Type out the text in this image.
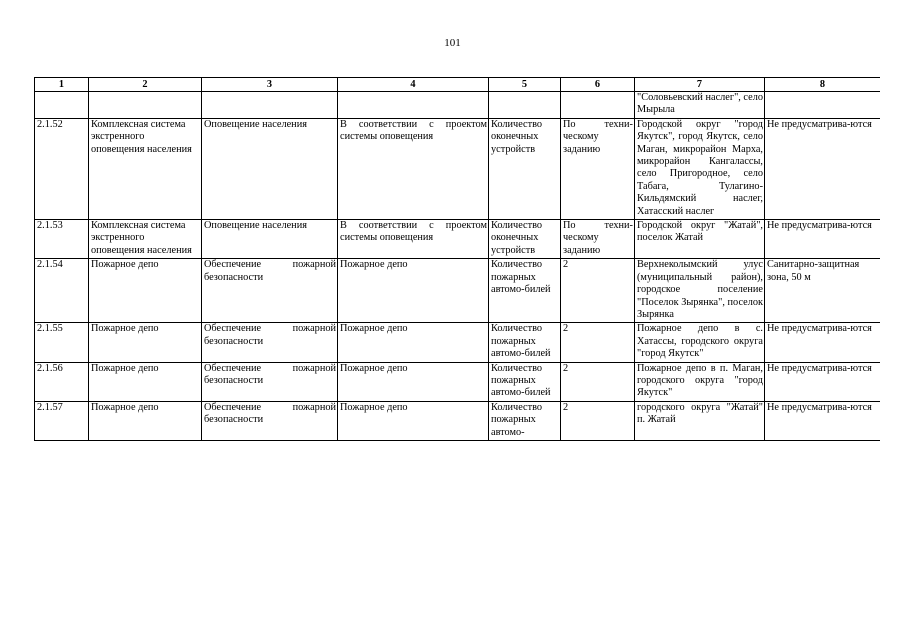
101
1	2	3	4	5	6	7	8
						"Соловьевский наслег", село Мырыла	
2.1.52	Комплексная система экстренного оповещения населения	Оповещение населения	В соответствии с проектом системы оповещения	Количество оконечных устройств	По техни-ческому заданию	Городской округ "город Якутск", город Якутск, село Маган, микрорайон Марха, микрорайон Кангалассы, село Пригородное, село Табага, Тулагино-Кильдямский наслег, Хатасский наслег	Не предусматрива-ются
2.1.53	Комплексная система экстренного оповещения населения	Оповещение населения	В соответствии с проектом системы оповещения	Количество оконечных устройств	По техни-ческому заданию	Городской округ "Жатай", поселок Жатай	Не предусматрива-ются
2.1.54	Пожарное депо	Обеспечение пожарной безопасности	Пожарное депо	Количество пожарных автомо-билей	2	Верхнеколымский улус (муниципальный район), городское поселение "Поселок Зырянка", поселок Зырянка	Санитарно-защитная зона, 50 м
2.1.55	Пожарное депо	Обеспечение пожарной безопасности	Пожарное депо	Количество пожарных автомо-билей	2	Пожарное депо в с. Хатассы, городского округа "город Якутск"	Не предусматрива-ются
2.1.56	Пожарное депо	Обеспечение пожарной безопасности	Пожарное депо	Количество пожарных автомо-билей	2	Пожарное депо в п. Маган, городского округа "город Якутск"	Не предусматрива-ются
2.1.57	Пожарное депо	Обеспечение пожарной безопасности	Пожарное депо	Количество пожарных автомо-	2	городского округа "Жатай" п. Жатай	Не предусматрива-ются
